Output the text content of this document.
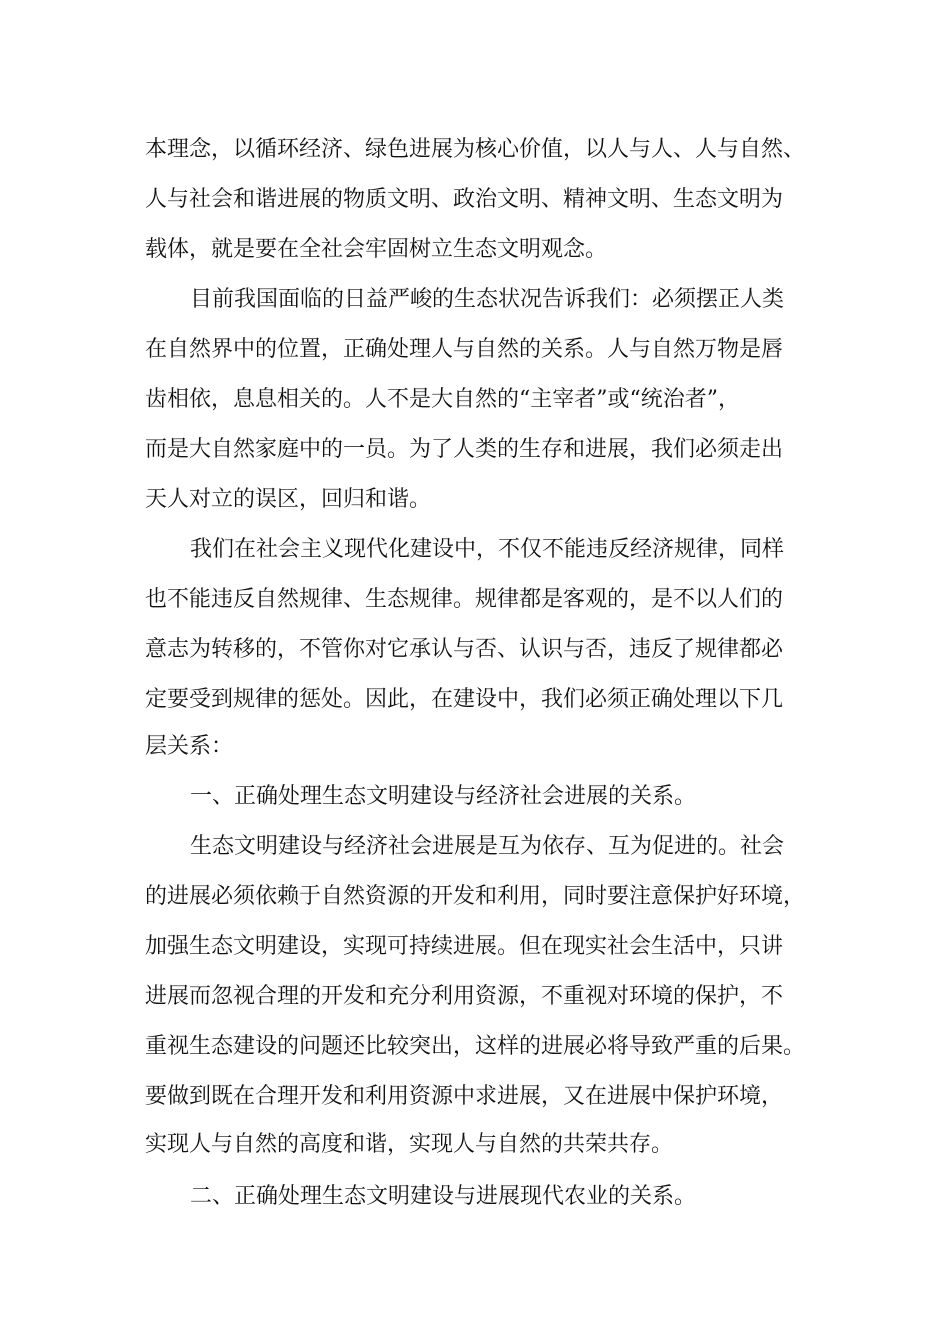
本理念，以循环经济、绿色进展为核心价值，以人与人、人与自然、
人与社会和谐进展的物质文明、政治文明、精神文明、生态文明为
载体，就是要在全社会牢固树立生态文明观念。
目前我国面临的日益严峻的生态状况告诉我们：必须摆正人类
在自然界中的位置，正确处理人与自然的关系。人与自然万物是唇
齿相依，息息相关的。人不是大自然的“主宰者”或“统治者”，
而是大自然家庭中的一员。为了人类的生存和进展，我们必须走出
天人对立的误区，回归和谐。
我们在社会主义现代化建设中，不仅不能违反经济规律，同样
也不能违反自然规律、生态规律。规律都是客观的，是不以人们的
意志为转移的，不管你对它承认与否、认识与否，违反了规律都必
定要受到规律的惩处。因此，在建设中，我们必须正确处理以下几
层关系：
一、正确处理生态文明建设与经济社会进展的关系。
生态文明建设与经济社会进展是互为依存、互为促进的。社会
的进展必须依赖于自然资源的开发和利用，同时要注意保护好环境，
加强生态文明建设，实现可持续进展。但在现实社会生活中，只讲
进展而忽视合理的开发和充分利用资源，不重视对环境的保护，不
重视生态建设的问题还比较突出，这样的进展必将导致严重的后果。
要做到既在合理开发和利用资源中求进展，又在进展中保护环境，
实现人与自然的高度和谐，实现人与自然的共荣共存。
二、正确处理生态文明建设与进展现代农业的关系。
